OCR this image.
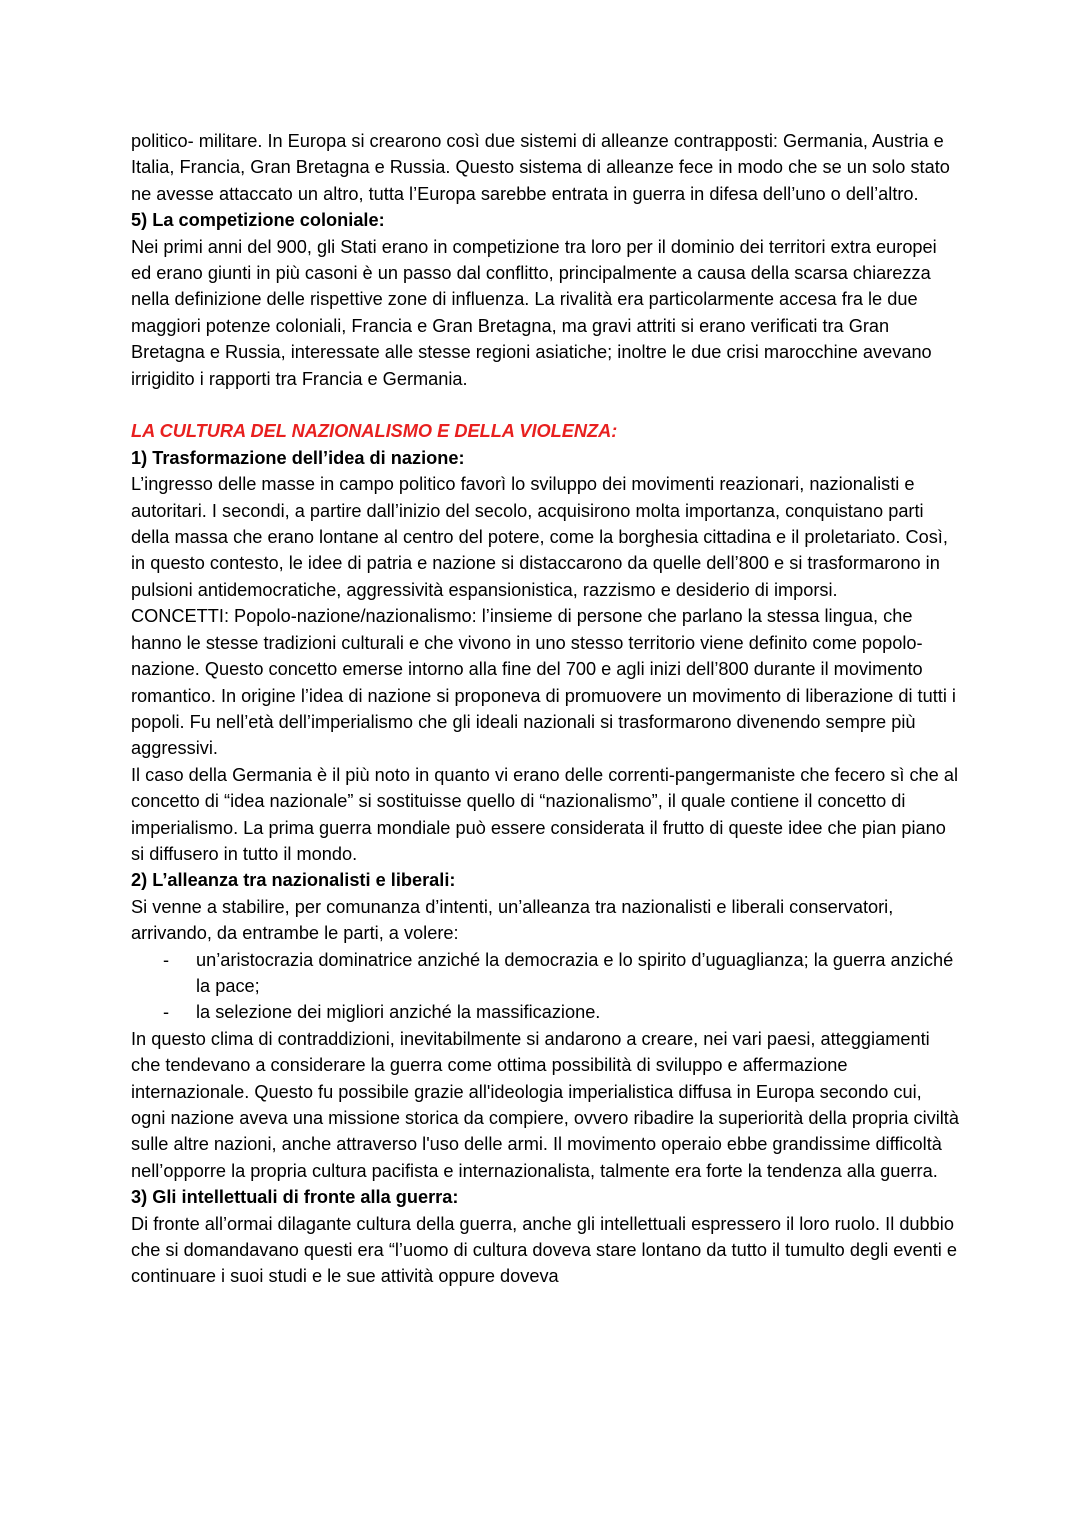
politico- militare. In Europa si crearono così due sistemi di alleanze contrapposti: Germania, Austria e Italia, Francia, Gran Bretagna e Russia. Questo sistema di alleanze fece in modo che se un solo stato ne avesse attaccato un altro, tutta l’Europa sarebbe entrata in guerra in difesa dell’uno o dell’altro.

5) La competizione coloniale:

Nei primi anni del 900, gli Stati erano in competizione tra loro per il dominio dei territori extra europei ed erano giunti in più casoni è un passo dal conflitto, principalmente a causa della scarsa chiarezza nella definizione delle rispettive zone di influenza. La rivalità era particolarmente accesa fra le due maggiori potenze coloniali, Francia e Gran Bretagna, ma gravi attriti si erano verificati tra Gran Bretagna e Russia, interessate alle stesse regioni asiatiche; inoltre le due crisi marocchine avevano irrigidito i rapporti tra Francia e Germania.

LA CULTURA DEL NAZIONALISMO E DELLA VIOLENZA:

1) Trasformazione dell’idea di nazione:

L’ingresso delle masse in campo politico favorì lo sviluppo dei movimenti reazionari, nazionalisti e autoritari. I secondi, a partire dall’inizio del secolo, acquisirono molta importanza, conquistano parti della massa che erano lontane al centro del potere, come la borghesia cittadina e il proletariato. Così, in questo contesto, le idee di patria e nazione si distaccarono da quelle dell’800 e si trasformarono in pulsioni antidemocratiche, aggressività espansionistica, razzismo e desiderio di imporsi.

CONCETTI: Popolo-nazione/nazionalismo: l’insieme di persone che parlano la stessa lingua, che hanno le stesse tradizioni culturali e che vivono in uno stesso territorio viene definito come popolo- nazione. Questo concetto emerse intorno alla fine del 700 e agli inizi dell’800 durante il movimento romantico. In origine l’idea di nazione si proponeva di promuovere un movimento di liberazione di tutti i popoli. Fu nell’età dell’imperialismo che gli ideali nazionali si trasformarono divenendo sempre più aggressivi.

Il caso della Germania è il più noto in quanto vi erano delle correnti-pangermaniste che fecero sì che al concetto di “idea nazionale” si sostituisse quello di “nazionalismo”, il quale contiene il concetto di imperialismo. La prima guerra mondiale può essere considerata il frutto di queste idee che pian piano si diffusero in tutto il mondo.

2) L’alleanza tra nazionalisti e liberali:

Si venne a stabilire, per comunanza d’intenti, un’alleanza tra nazionalisti e liberali conservatori, arrivando, da entrambe le parti, a volere:

- un’aristocrazia dominatrice anziché la democrazia e lo spirito d’uguaglianza; la guerra anziché la pace;
- la selezione dei migliori anziché la massificazione.

In questo clima di contraddizioni, inevitabilmente si andarono a creare, nei vari paesi, atteggiamenti che tendevano a considerare la guerra come ottima possibilità di sviluppo e affermazione internazionale. Questo fu possibile grazie all'ideologia imperialistica diffusa in Europa secondo cui, ogni nazione aveva una missione storica da compiere, ovvero ribadire la superiorità della propria civiltà sulle altre nazioni, anche attraverso l'uso delle armi. Il movimento operaio ebbe grandissime difficoltà nell’opporre la propria cultura pacifista e internazionalista, talmente era forte la tendenza alla guerra.

3) Gli intellettuali di fronte alla guerra:

Di fronte all’ormai dilagante cultura della guerra, anche gli intellettuali espressero il loro ruolo. Il dubbio che si domandavano questi era “l’uomo di cultura doveva stare lontano da tutto il tumulto degli eventi e continuare i suoi studi e le sue attività oppure doveva
